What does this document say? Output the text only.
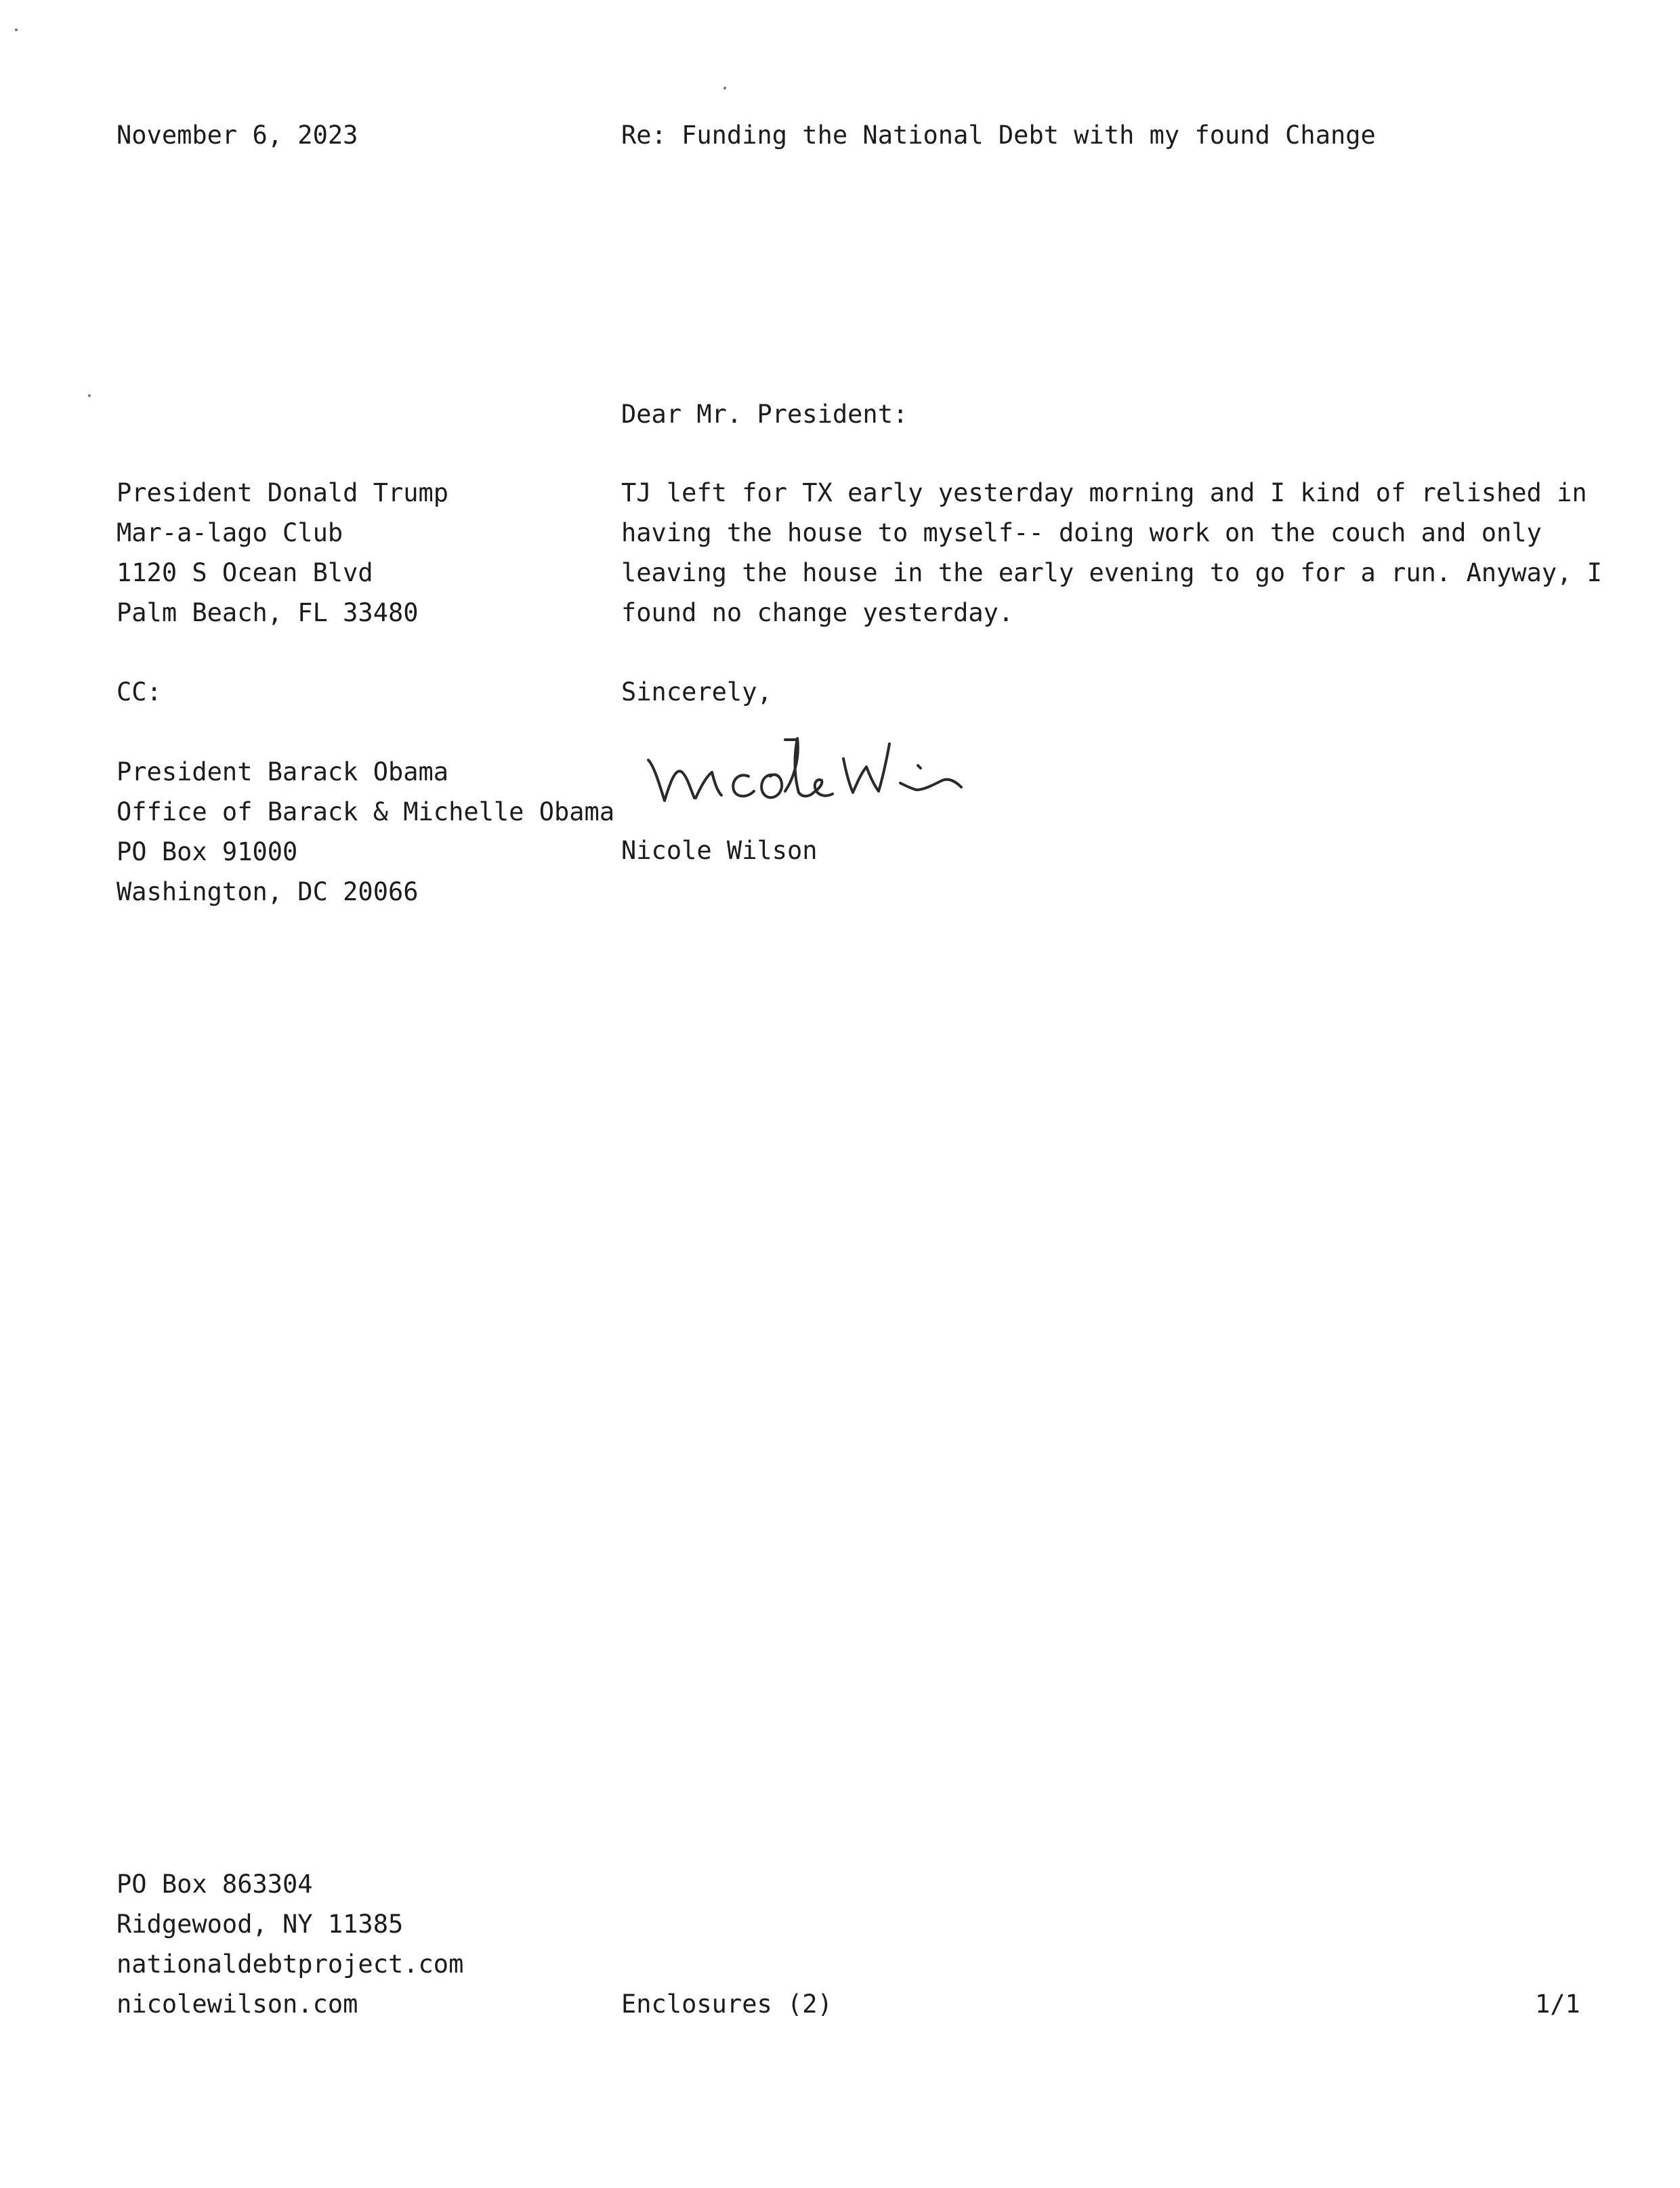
November 6, 2023	Re: Funding the National Debt with my found Change
Dear Mr. President:
President Donald Trump
Mar-a-lago Club
1120 S Ocean Blvd
Palm Beach, FL 33480
TJ left for TX early yesterday morning and I kind of relished in
having the house to myself-- doing work on the couch and only
leaving the house in the early evening to go for a run. Anyway, I
found no change yesterday.
CC:	Sincerely,
President Barack Obama
Office of Barack & Michelle Obama
PO Box 91000
Washington, DC 20066
Nicole Wilson
PO Box 863304
Ridgewood, NY 11385
nationaldebtproject.com
nicolewilson.com	Enclosures (2)	1/1
